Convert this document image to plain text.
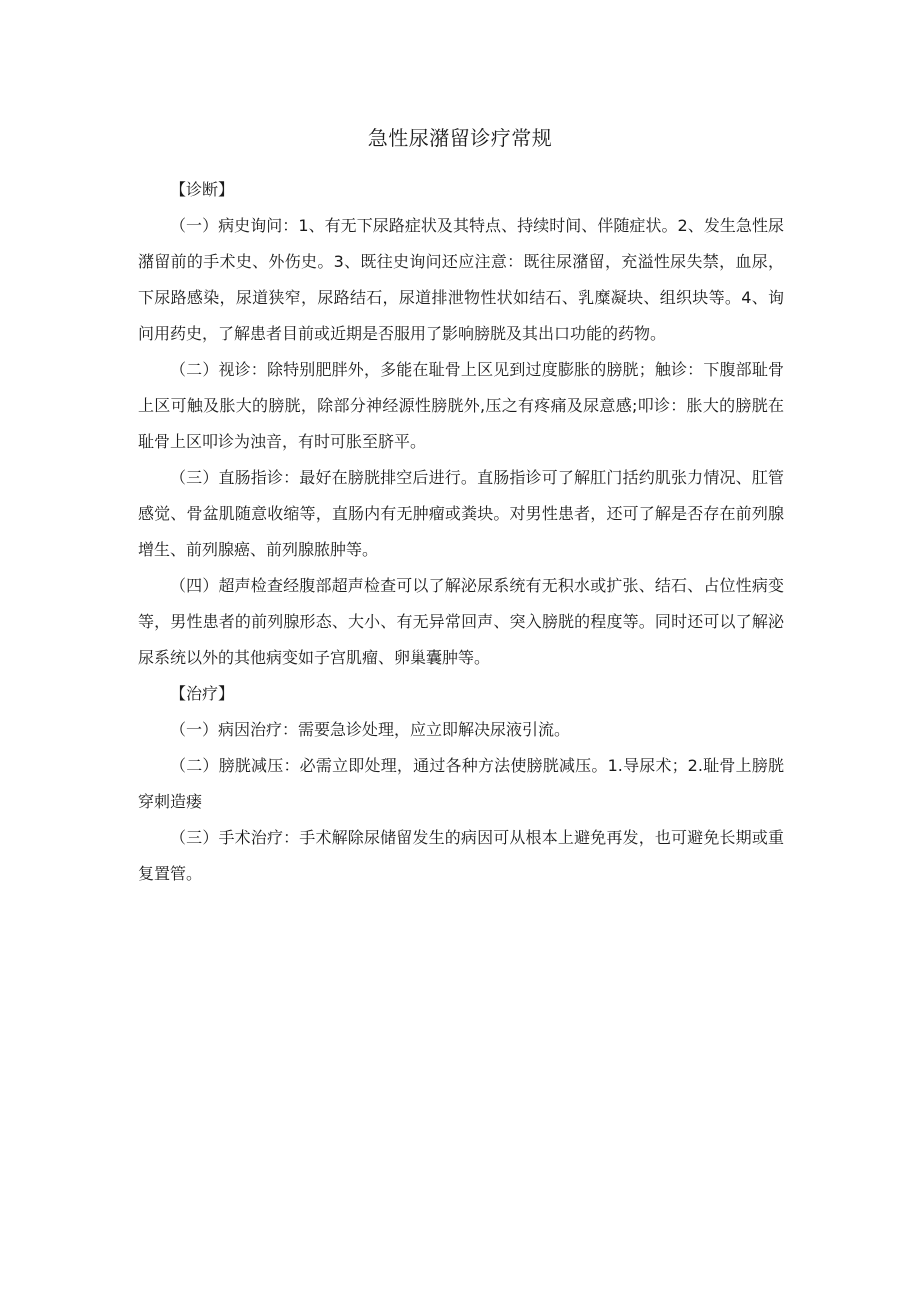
急性尿潴留诊疗常规

【诊断】

（一）病史询问：1、有无下尿路症状及其特点、持续时间、伴随症状。2、发生急性尿潴留前的手术史、外伤史。3、既往史询问还应注意：既往尿潴留，充溢性尿失禁，血尿，下尿路感染，尿道狭窄，尿路结石，尿道排泄物性状如结石、乳糜凝块、组织块等。4、询问用药史，了解患者目前或近期是否服用了影响膀胱及其出口功能的药物。

（二）视诊：除特别肥胖外，多能在耻骨上区见到过度膨胀的膀胱；触诊：下腹部耻骨上区可触及胀大的膀胱，除部分神经源性膀胱外,压之有疼痛及尿意感;叩诊：胀大的膀胱在耻骨上区叩诊为浊音，有时可胀至脐平。

（三）直肠指诊：最好在膀胱排空后进行。直肠指诊可了解肛门括约肌张力情况、肛管感觉、骨盆肌随意收缩等，直肠内有无肿瘤或粪块。对男性患者，还可了解是否存在前列腺增生、前列腺癌、前列腺脓肿等。

（四）超声检查经腹部超声检查可以了解泌尿系统有无积水或扩张、结石、占位性病变等，男性患者的前列腺形态、大小、有无异常回声、突入膀胱的程度等。同时还可以了解泌尿系统以外的其他病变如子宫肌瘤、卵巢囊肿等。

【治疗】

（一）病因治疗：需要急诊处理，应立即解决尿液引流。

（二）膀胱减压：必需立即处理，通过各种方法使膀胱减压。1.导尿术；2.耻骨上膀胱穿刺造瘘

（三）手术治疗：手术解除尿储留发生的病因可从根本上避免再发，也可避免长期或重复置管。
